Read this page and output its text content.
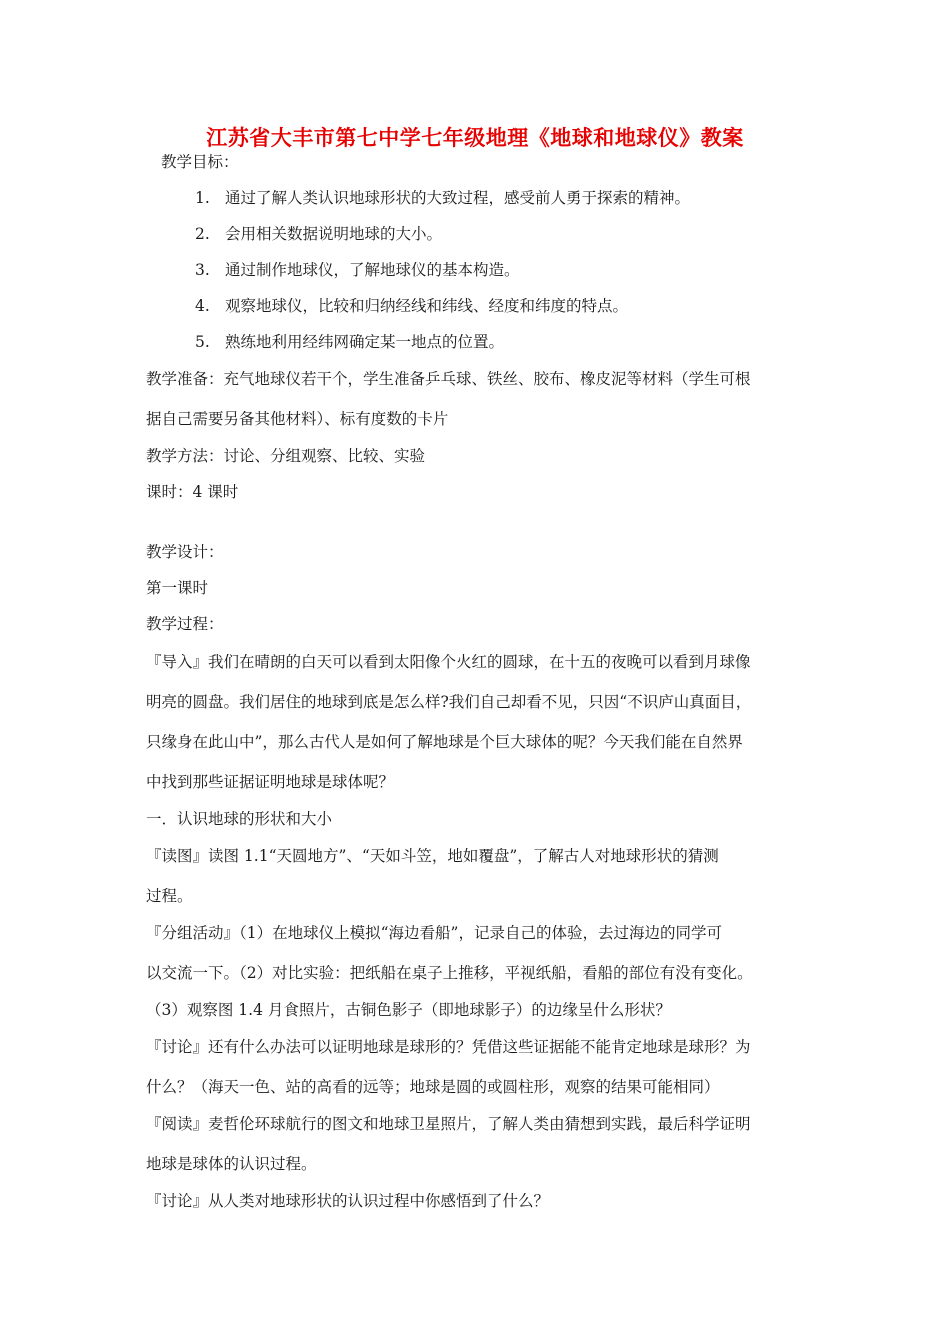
江苏省大丰市第七中学七年级地理《地球和地球仪》教案

教学目标：

1. 通过了解人类认识地球形状的大致过程，感受前人勇于探索的精神。

2. 会用相关数据说明地球的大小。

3. 通过制作地球仪，了解地球仪的基本构造。

4. 观察地球仪，比较和归纳经线和纬线、经度和纬度的特点。

5. 熟练地利用经纬网确定某一地点的位置。

教学准备：充气地球仪若干个，学生准备乒乓球、铁丝、胶布、橡皮泥等材料（学生可根

据自己需要另备其他材料）、标有度数的卡片

教学方法：讨论、分组观察、比较、实验

课时：4 课时

教学设计：

第一课时

教学过程：

『导入』我们在晴朗的白天可以看到太阳像个火红的圆球，在十五的夜晚可以看到月球像

明亮的圆盘。我们居住的地球到底是怎么样?我们自己却看不见，只因“不识庐山真面目，

只缘身在此山中”，那么古代人是如何了解地球是个巨大球体的呢？今天我们能在自然界

中找到那些证据证明地球是球体呢？

一．认识地球的形状和大小

『读图』读图 1.1“天圆地方”、“天如斗笠，地如覆盘”，了解古人对地球形状的猜测

过程。

『分组活动』（1）在地球仪上模拟“海边看船”，记录自己的体验，去过海边的同学可

以交流一下。（2）对比实验：把纸船在桌子上推移，平视纸船，看船的部位有没有变化。

（3）观察图 1.4 月食照片，古铜色影子（即地球影子）的边缘呈什么形状？

『讨论』还有什么办法可以证明地球是球形的？凭借这些证据能不能肯定地球是球形？为

什么？（海天一色、站的高看的远等；地球是圆的或圆柱形，观察的结果可能相同）

『阅读』麦哲伦环球航行的图文和地球卫星照片，了解人类由猜想到实践，最后科学证明

地球是球体的认识过程。

『讨论』从人类对地球形状的认识过程中你感悟到了什么？
